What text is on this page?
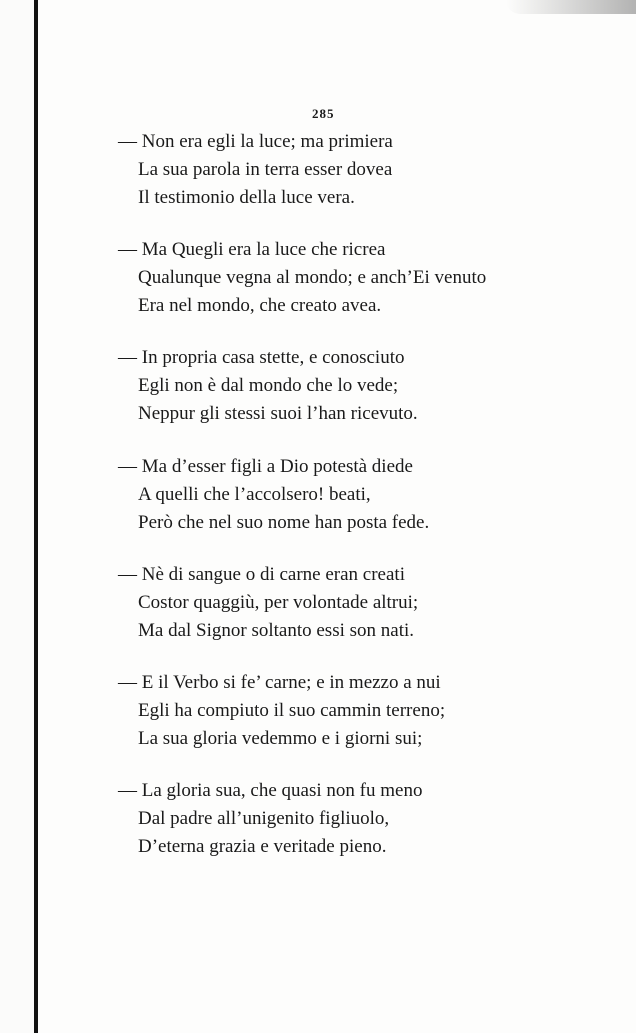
285
— Non era egli la luce; ma primiera
La sua parola in terra esser dovea
Il testimonio della luce vera.
— Ma Quegli era la luce che ricrea
Qualunque vegna al mondo; e anch’Ei venuto
Era nel mondo, che creato avea.
— In propria casa stette, e conosciuto
Egli non è dal mondo che lo vede;
Neppur gli stessi suoi l’han ricevuto.
— Ma d’esser figli a Dio potestà diede
A quelli che l’accolsero! beati,
Però che nel suo nome han posta fede.
— Nè di sangue o di carne eran creati
Costor quaggiù, per volontade altrui;
Ma dal Signor soltanto essi son nati.
— E il Verbo si fe’ carne; e in mezzo a nui
Egli ha compiuto il suo cammin terreno;
La sua gloria vedemmo e i giorni sui;
— La gloria sua, che quasi non fu meno
Dal padre all’unigenito figliuolo,
D’eterna grazia e veritade pieno.
